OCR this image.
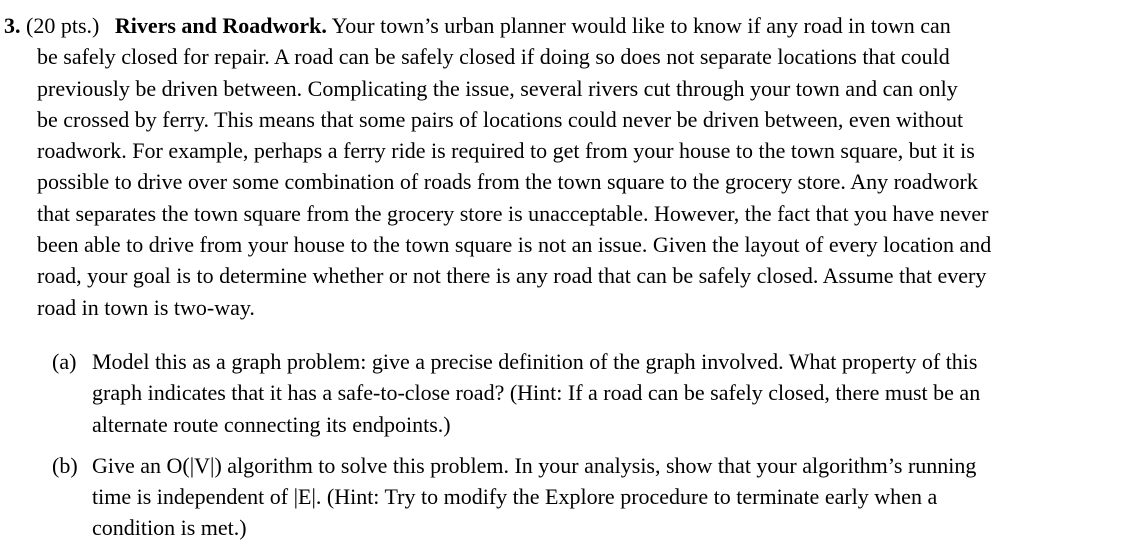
3. (20 pts.) Rivers and Roadwork. Your town’s urban planner would like to know if any road in town can
be safely closed for repair. A road can be safely closed if doing so does not separate locations that could
previously be driven between. Complicating the issue, several rivers cut through your town and can only
be crossed by ferry. This means that some pairs of locations could never be driven between, even without
roadwork. For example, perhaps a ferry ride is required to get from your house to the town square, but it is
possible to drive over some combination of roads from the town square to the grocery store. Any roadwork
that separates the town square from the grocery store is unacceptable. However, the fact that you have never
been able to drive from your house to the town square is not an issue. Given the layout of every location and
road, your goal is to determine whether or not there is any road that can be safely closed. Assume that every
road in town is two-way.
(a) Model this as a graph problem: give a precise definition of the graph involved. What property of this
graph indicates that it has a safe-to-close road? (Hint: If a road can be safely closed, there must be an
alternate route connecting its endpoints.)
(b) Give an O(|V|) algorithm to solve this problem. In your analysis, show that your algorithm’s running
time is independent of |E|. (Hint: Try to modify the Explore procedure to terminate early when a
condition is met.)
